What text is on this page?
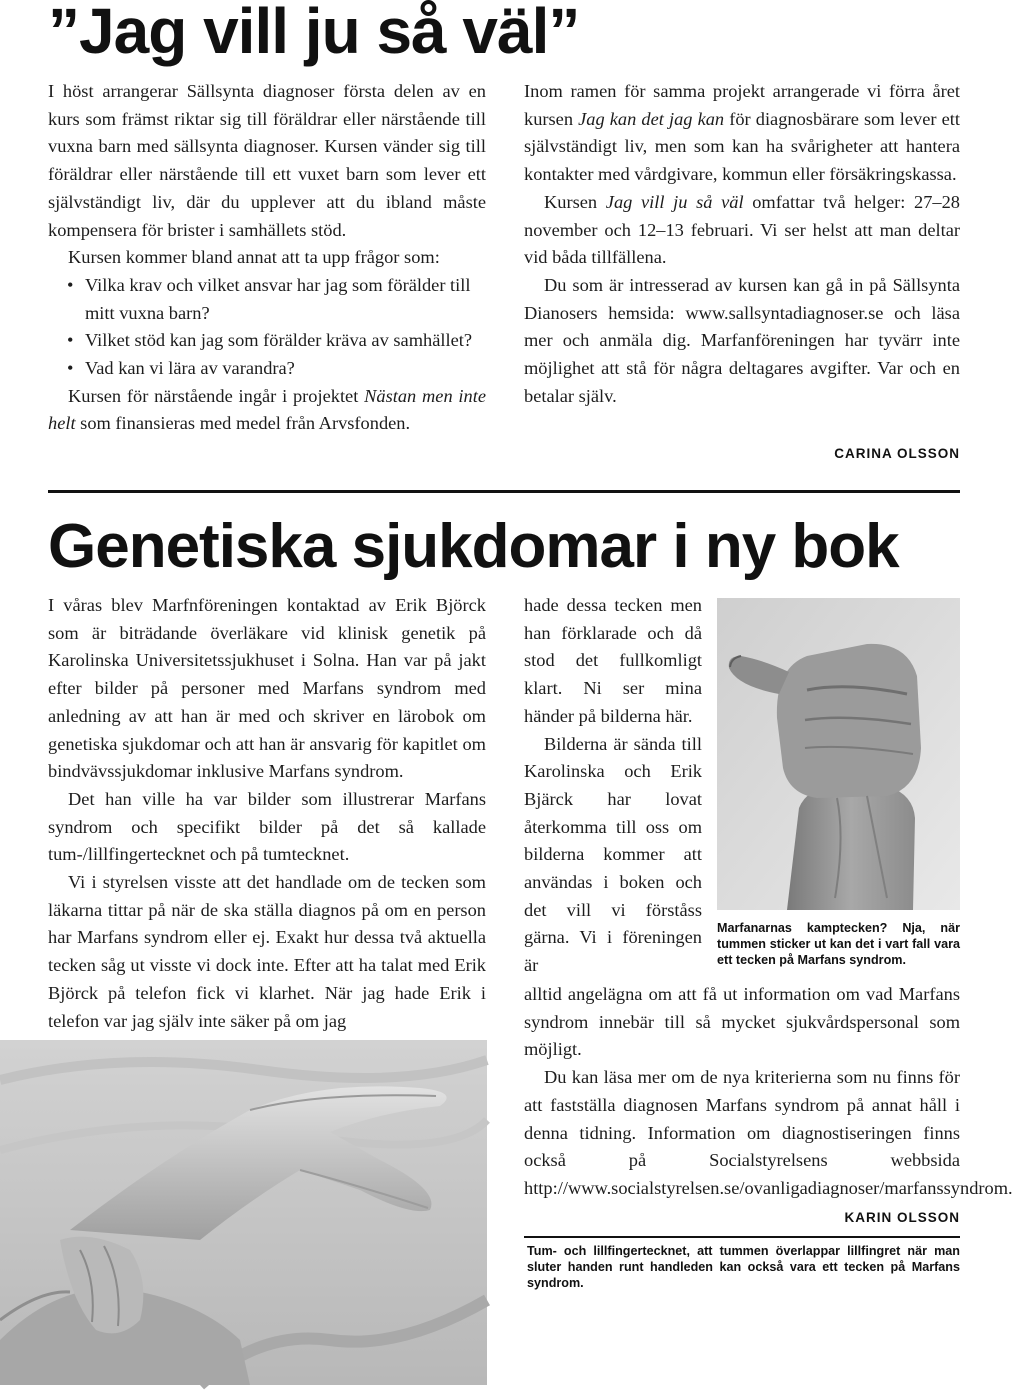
”Jag vill ju så väl”

I höst arrangerar Sällsynta diagnoser första delen av en kurs som främst riktar sig till föräldrar eller närstående till vuxna barn med sällsynta diagnoser. Kursen vänder sig till föräldrar eller närstående till ett vuxet barn som lever ett självständigt liv, där du upplever att du ibland måste kompensera för brister i samhällets stöd.

Kursen kommer bland annat att ta upp frågor som:

• Vilka krav och vilket ansvar har jag som förälder till mitt vuxna barn?
• Vilket stöd kan jag som förälder kräva av samhället?
• Vad kan vi lära av varandra?

Kursen för närstående ingår i projektet Nästan men inte helt som finansieras med medel från Arvsfonden.

Inom ramen för samma projekt arrangerade vi förra året kursen Jag kan det jag kan för diagnosbärare som lever ett självständigt liv, men som kan ha svårigheter att hantera kontakter med vårdgivare, kommun eller försäkringskassa.

Kursen Jag vill ju så väl omfattar två helger: 27–28 november och 12–13 februari. Vi ser helst att man deltar vid båda tillfällena.

Du som är intresserad av kursen kan gå in på Sällsynta Dianosers hemsida: www.sallsyntadiagnoser.se och läsa mer och anmäla dig. Marfanföreningen har tyvärr inte möjlighet att stå för några deltagares avgifter. Var och en betalar själv.

CARINA OLSSON
Genetiska sjukdomar i ny bok

I våras blev Marfnföreningen kontaktad av Erik Björck som är biträdande överläkare vid klinisk genetik på Karolinska Universitetssjukhuset i Solna. Han var på jakt efter bilder på personer med Marfans syndrom med anledning av att han är med och skriver en lärobok om genetiska sjukdomar och att han är ansvarig för kapitlet om bindvävssjukdomar inklusive Marfans syndrom.

Det han ville ha var bilder som illustrerar Marfans syndrom och specifikt bilder på det så kallade tum-/lillfingertecknet och på tumtecknet.

Vi i styrelsen visste att det handlade om de tecken som läkarna tittar på när de ska ställa diagnos på om en person har Marfans syndrom eller ej. Exakt hur dessa två aktuella tecken såg ut visste vi dock inte. Efter att ha talat med Erik Björck på telefon fick vi klarhet. När jag hade Erik i telefon var jag själv inte säker på om jag

hade dessa tecken men han förklarade och då stod det fullkomligt klart. Ni ser mina händer på bilderna här.

Bilderna är sända till Karolinska och Erik Bjärck har lovat återkomma till oss om bilderna kommer att användas i boken och det vill vi förståss gärna. Vi i föreningen är

alltid angelägna om att få ut information om vad Marfans syndrom innebär till så mycket sjukvårdspersonal som möjligt.

Du kan läsa mer om de nya kriterierna som nu finns för att fastställa diagnosen Marfans syndrom på annat håll i denna tidning. Information om diagnostiseringen finns också på Socialstyrelsens webbsida http://www.socialstyrelsen.se/ovanligadiagnoser/marfanssyndrom.

KARIN OLSSON
Marfanarnas kamptecken? Nja, när tummen sticker ut kan det i vart fall vara ett tecken på Marfans syndrom.
Tum- och lillfingertecknet, att tummen överlappar lillfingret när man sluter handen runt handleden kan också vara ett tecken på Marfans syndrom.
